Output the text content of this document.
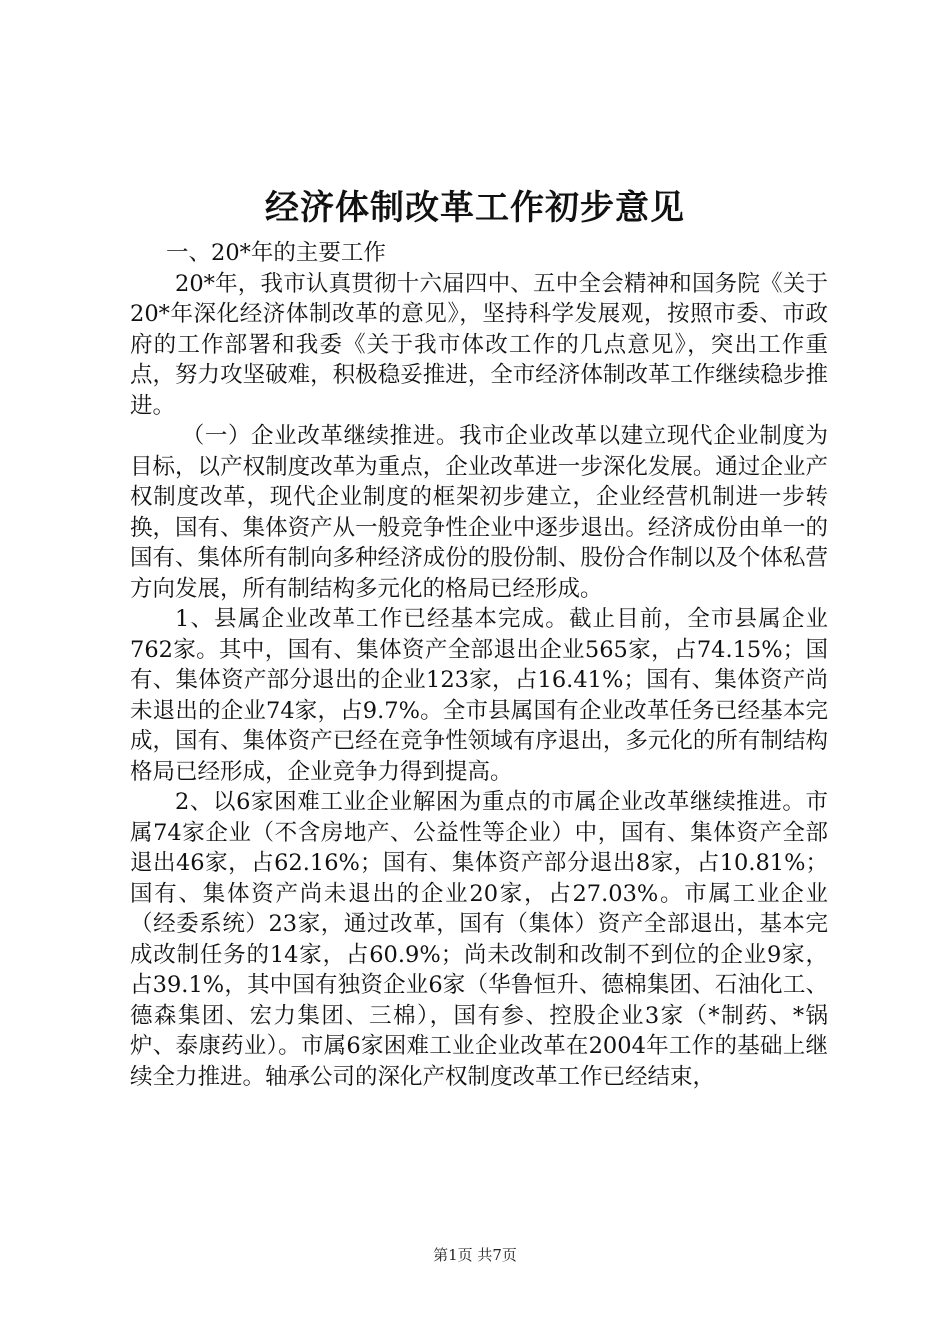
经济体制改革工作初步意见

一、20*年的主要工作

20*年，我市认真贯彻十六届四中、五中全会精神和国务院《关于20*年深化经济体制改革的意见》，坚持科学发展观，按照市委、市政府的工作部署和我委《关于我市体改工作的几点意见》，突出工作重点，努力攻坚破难，积极稳妥推进，全市经济体制改革工作继续稳步推进。

（一）企业改革继续推进。我市企业改革以建立现代企业制度为目标，以产权制度改革为重点，企业改革进一步深化发展。通过企业产权制度改革，现代企业制度的框架初步建立，企业经营机制进一步转换，国有、集体资产从一般竞争性企业中逐步退出。经济成份由单一的国有、集体所有制向多种经济成份的股份制、股份合作制以及个体私营方向发展，所有制结构多元化的格局已经形成。

1、县属企业改革工作已经基本完成。截止目前，全市县属企业762家。其中，国有、集体资产全部退出企业565家，占74.15%；国有、集体资产部分退出的企业123家，占16.41%；国有、集体资产尚未退出的企业74家，占9.7%。全市县属国有企业改革任务已经基本完成，国有、集体资产已经在竞争性领域有序退出，多元化的所有制结构格局已经形成，企业竞争力得到提高。

2、以6家困难工业企业解困为重点的市属企业改革继续推进。市属74家企业（不含房地产、公益性等企业）中，国有、集体资产全部退出46家，占62.16%；国有、集体资产部分退出8家，占10.81%；国有、集体资产尚未退出的企业20家，占27.03%。市属工业企业（经委系统）23家，通过改革，国有（集体）资产全部退出，基本完成改制任务的14家，占60.9%；尚未改制和改制不到位的企业9家，占39.1%，其中国有独资企业6家（华鲁恒升、德棉集团、石油化工、德森集团、宏力集团、三棉），国有参、控股企业3家（*制药、*锅炉、泰康药业）。市属6家困难工业企业改革在2004年工作的基础上继续全力推进。轴承公司的深化产权制度改革工作已经结束，

第1页 共7页
